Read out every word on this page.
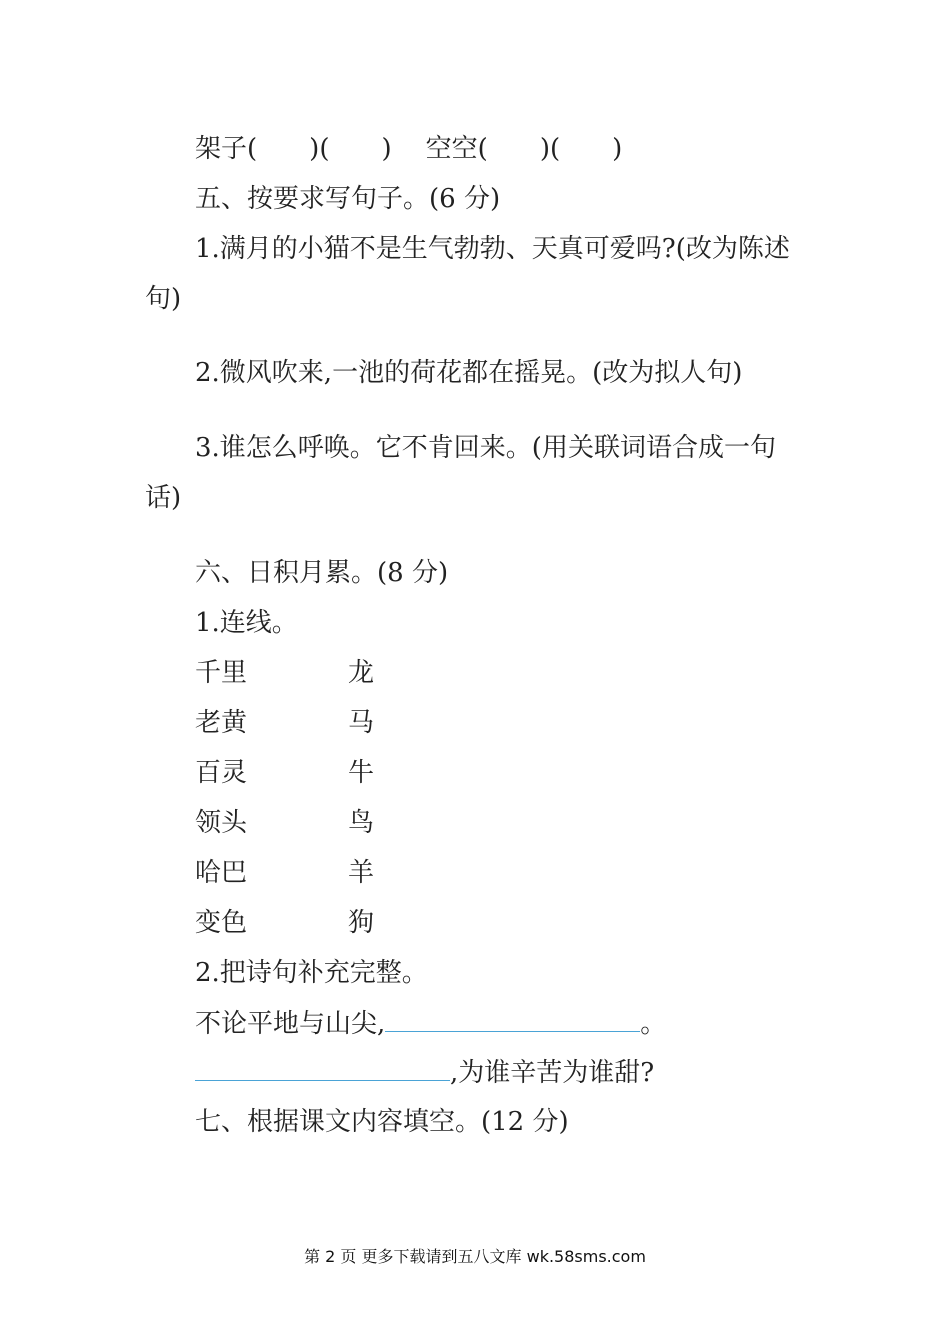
架子( )( ) 空空( )( )
五、按要求写句子。(6 分)
1.满月的小猫不是生气勃勃、天真可爱吗?(改为陈述
句)
2.微风吹来,一池的荷花都在摇晃。(改为拟人句)
3.谁怎么呼唤。它不肯回来。(用关联词语合成一句
话)
六、日积月累。(8 分)
1.连线。
千里	龙
老黄	马
百灵	牛
领头	鸟
哈巴	羊
变色	狗
2.把诗句补充完整。
不论平地与山尖,	。
,为谁辛苦为谁甜?
七、根据课文内容填空。(12 分)
第 2 页 更多下载请到五八文库 wk.58sms.com
